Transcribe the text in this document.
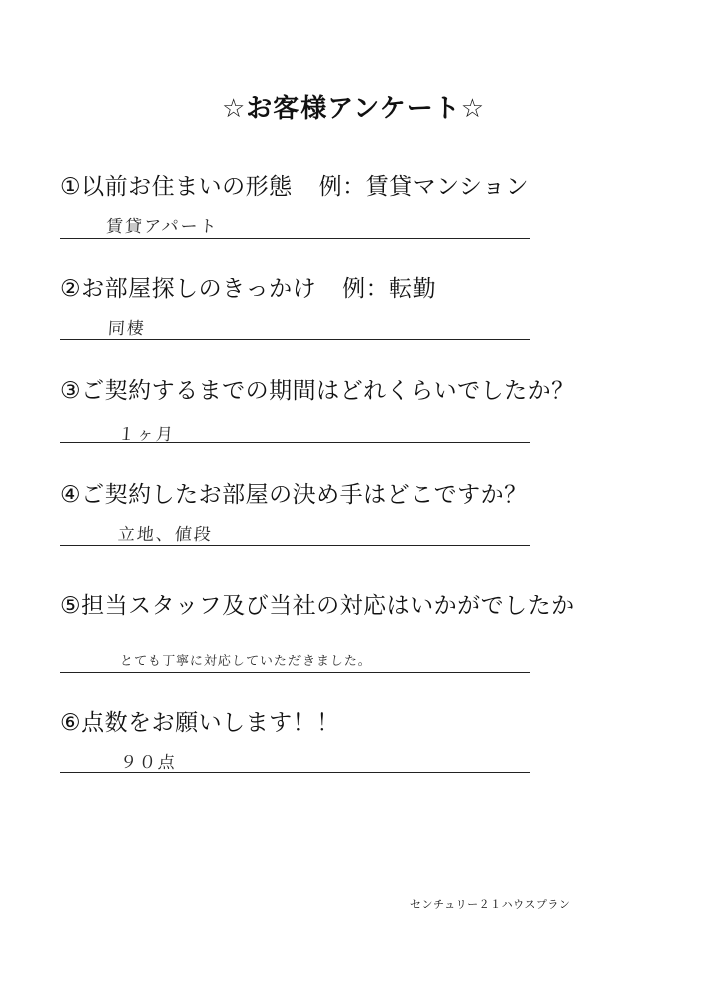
☆お客様アンケート☆
①以前お住まいの形態 例：賃貸マンション
賃貸アパート
②お部屋探しのきっかけ 例：転勤
同棲
③ご契約するまでの期間はどれくらいでしたか？
１ヶ月
④ご契約したお部屋の決め手はどこですか？
立地、値段
⑤担当スタッフ及び当社の対応はいかがでしたか
とても丁寧に対応していただきました。
⑥点数をお願いします！！
９０点
センチュリー２１ハウスプラン
